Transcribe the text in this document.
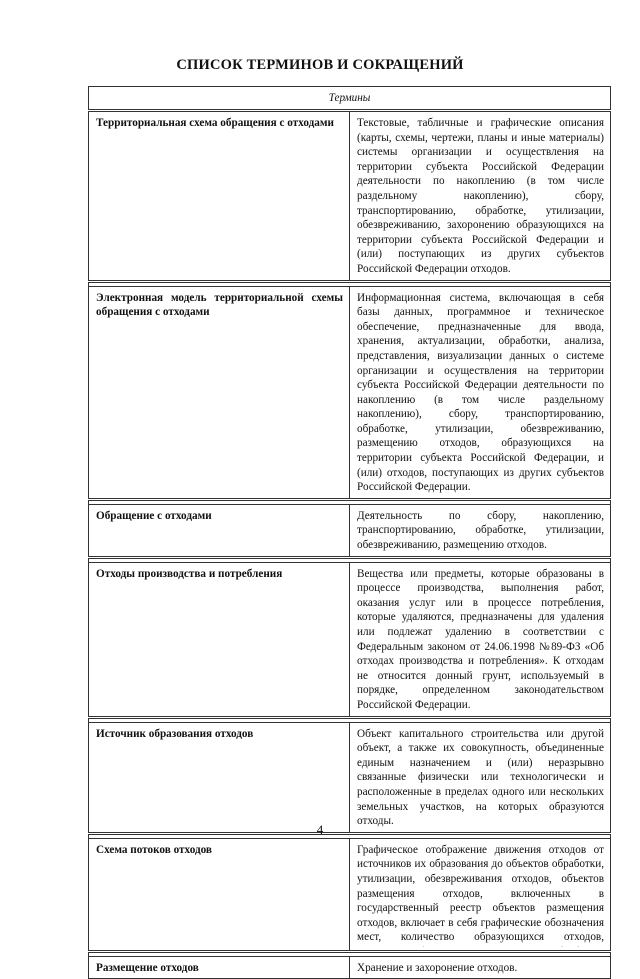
СПИСОК ТЕРМИНОВ И СОКРАЩЕНИЙ
Термины	
Территориальная схема обращения с отходами	Текстовые, табличные и графические описания (карты, схемы, чертежи, планы и иные материалы) системы организации и осуществления на территории субъекта Российской Федерации деятельности по накоплению (в том числе раздельному накоплению), сбору, транспортированию, обработке, утилизации, обезвреживанию, захоронению образующихся на территории субъекта Российской Федерации и (или) поступающих из других субъектов Российской Федерации отходов.

Электронная модель территориальной схемы обращения с отходами	Информационная система, включающая в себя базы данных, программное и техническое обеспечение, предназначенные для ввода, хранения, актуализации, обработки, анализа, представления, визуализации данных о системе организации и осуществления на территории субъекта Российской Федерации деятельности по накоплению (в том числе раздельному накоплению), сбору, транспортированию, обработке, утилизации, обезвреживанию, размещению отходов, образующихся на территории субъекта Российской Федерации, и (или) отходов, поступающих из других субъектов Российской Федерации.

Обращение с отходами	Деятельность по сбору, накоплению, транспортированию, обработке, утилизации, обезвреживанию, размещению отходов.

Отходы производства и потребления	Вещества или предметы, которые образованы в процессе производства, выполнения работ, оказания услуг или в процессе потребления, которые удаляются, предназначены для удаления или подлежат удалению в соответствии с Федеральным законом от 24.06.1998 №89-ФЗ «Об отходах производства и потребления». К отходам не относится донный грунт, используемый в порядке, определенном законодательством Российской Федерации.

Источник образования отходов	Объект капитального строительства или другой объект, а также их совокупность, объединенные единым назначением и (или) неразрывно связанные физически или технологически и расположенные в пределах одного или нескольких земельных участков, на которых образуются отходы.

Схема потоков отходов	Графическое отображение движения отходов от источников их образования до объектов обработки, утилизации, обезвреживания отходов, объектов размещения отходов, включенных в государственный реестр объектов размещения отходов, включает в себя графические обозначения мест, количество образующихся отходов,

Размещение отходов	Хранение и захоронение отходов.
4
